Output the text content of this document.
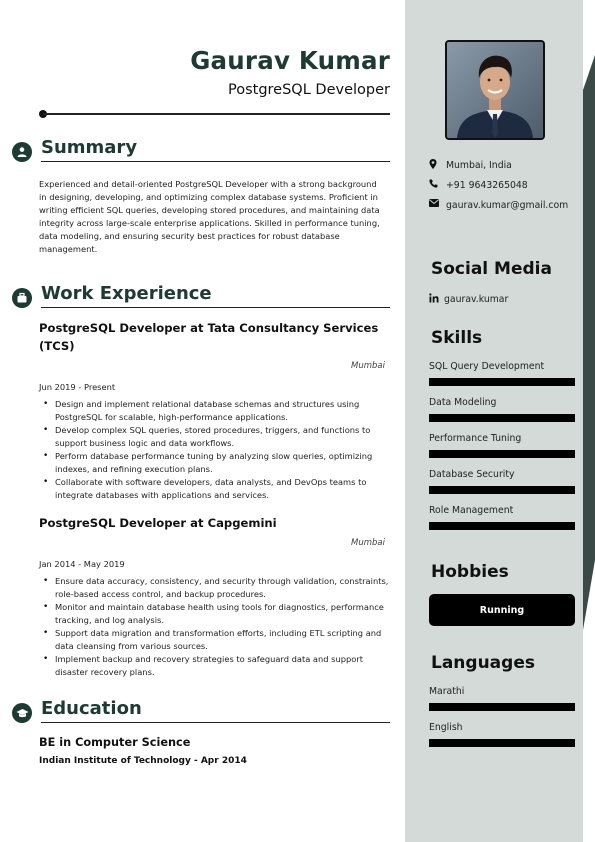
Gaurav Kumar
PostgreSQL Developer
Summary
Experienced and detail-oriented PostgreSQL Developer with a strong background in designing, developing, and optimizing complex database systems. Proficient in writing efficient SQL queries, developing stored procedures, and maintaining data integrity across large-scale enterprise applications. Skilled in performance tuning, data modeling, and ensuring security best practices for robust database management.
Work Experience
PostgreSQL Developer at Tata Consultancy Services (TCS)
Mumbai
Jun 2019 - Present
• Design and implement relational database schemas and structures using PostgreSQL for scalable, high-performance applications.
• Develop complex SQL queries, stored procedures, triggers, and functions to support business logic and data workflows.
• Perform database performance tuning by analyzing slow queries, optimizing indexes, and refining execution plans.
• Collaborate with software developers, data analysts, and DevOps teams to integrate databases with applications and services.
PostgreSQL Developer at Capgemini
Mumbai
Jan 2014 - May 2019
• Ensure data accuracy, consistency, and security through validation, constraints, role-based access control, and backup procedures.
• Monitor and maintain database health using tools for diagnostics, performance tracking, and log analysis.
• Support data migration and transformation efforts, including ETL scripting and data cleansing from various sources.
• Implement backup and recovery strategies to safeguard data and support disaster recovery plans.
Education
BE in Computer Science
Indian Institute of Technology - Apr 2014
Mumbai, India
+91 9643265048
gaurav.kumar@gmail.com
Social Media
gaurav.kumar
Skills
SQL Query Development
Data Modeling
Performance Tuning
Database Security
Role Management
Hobbies
Running
Languages
Marathi
English
